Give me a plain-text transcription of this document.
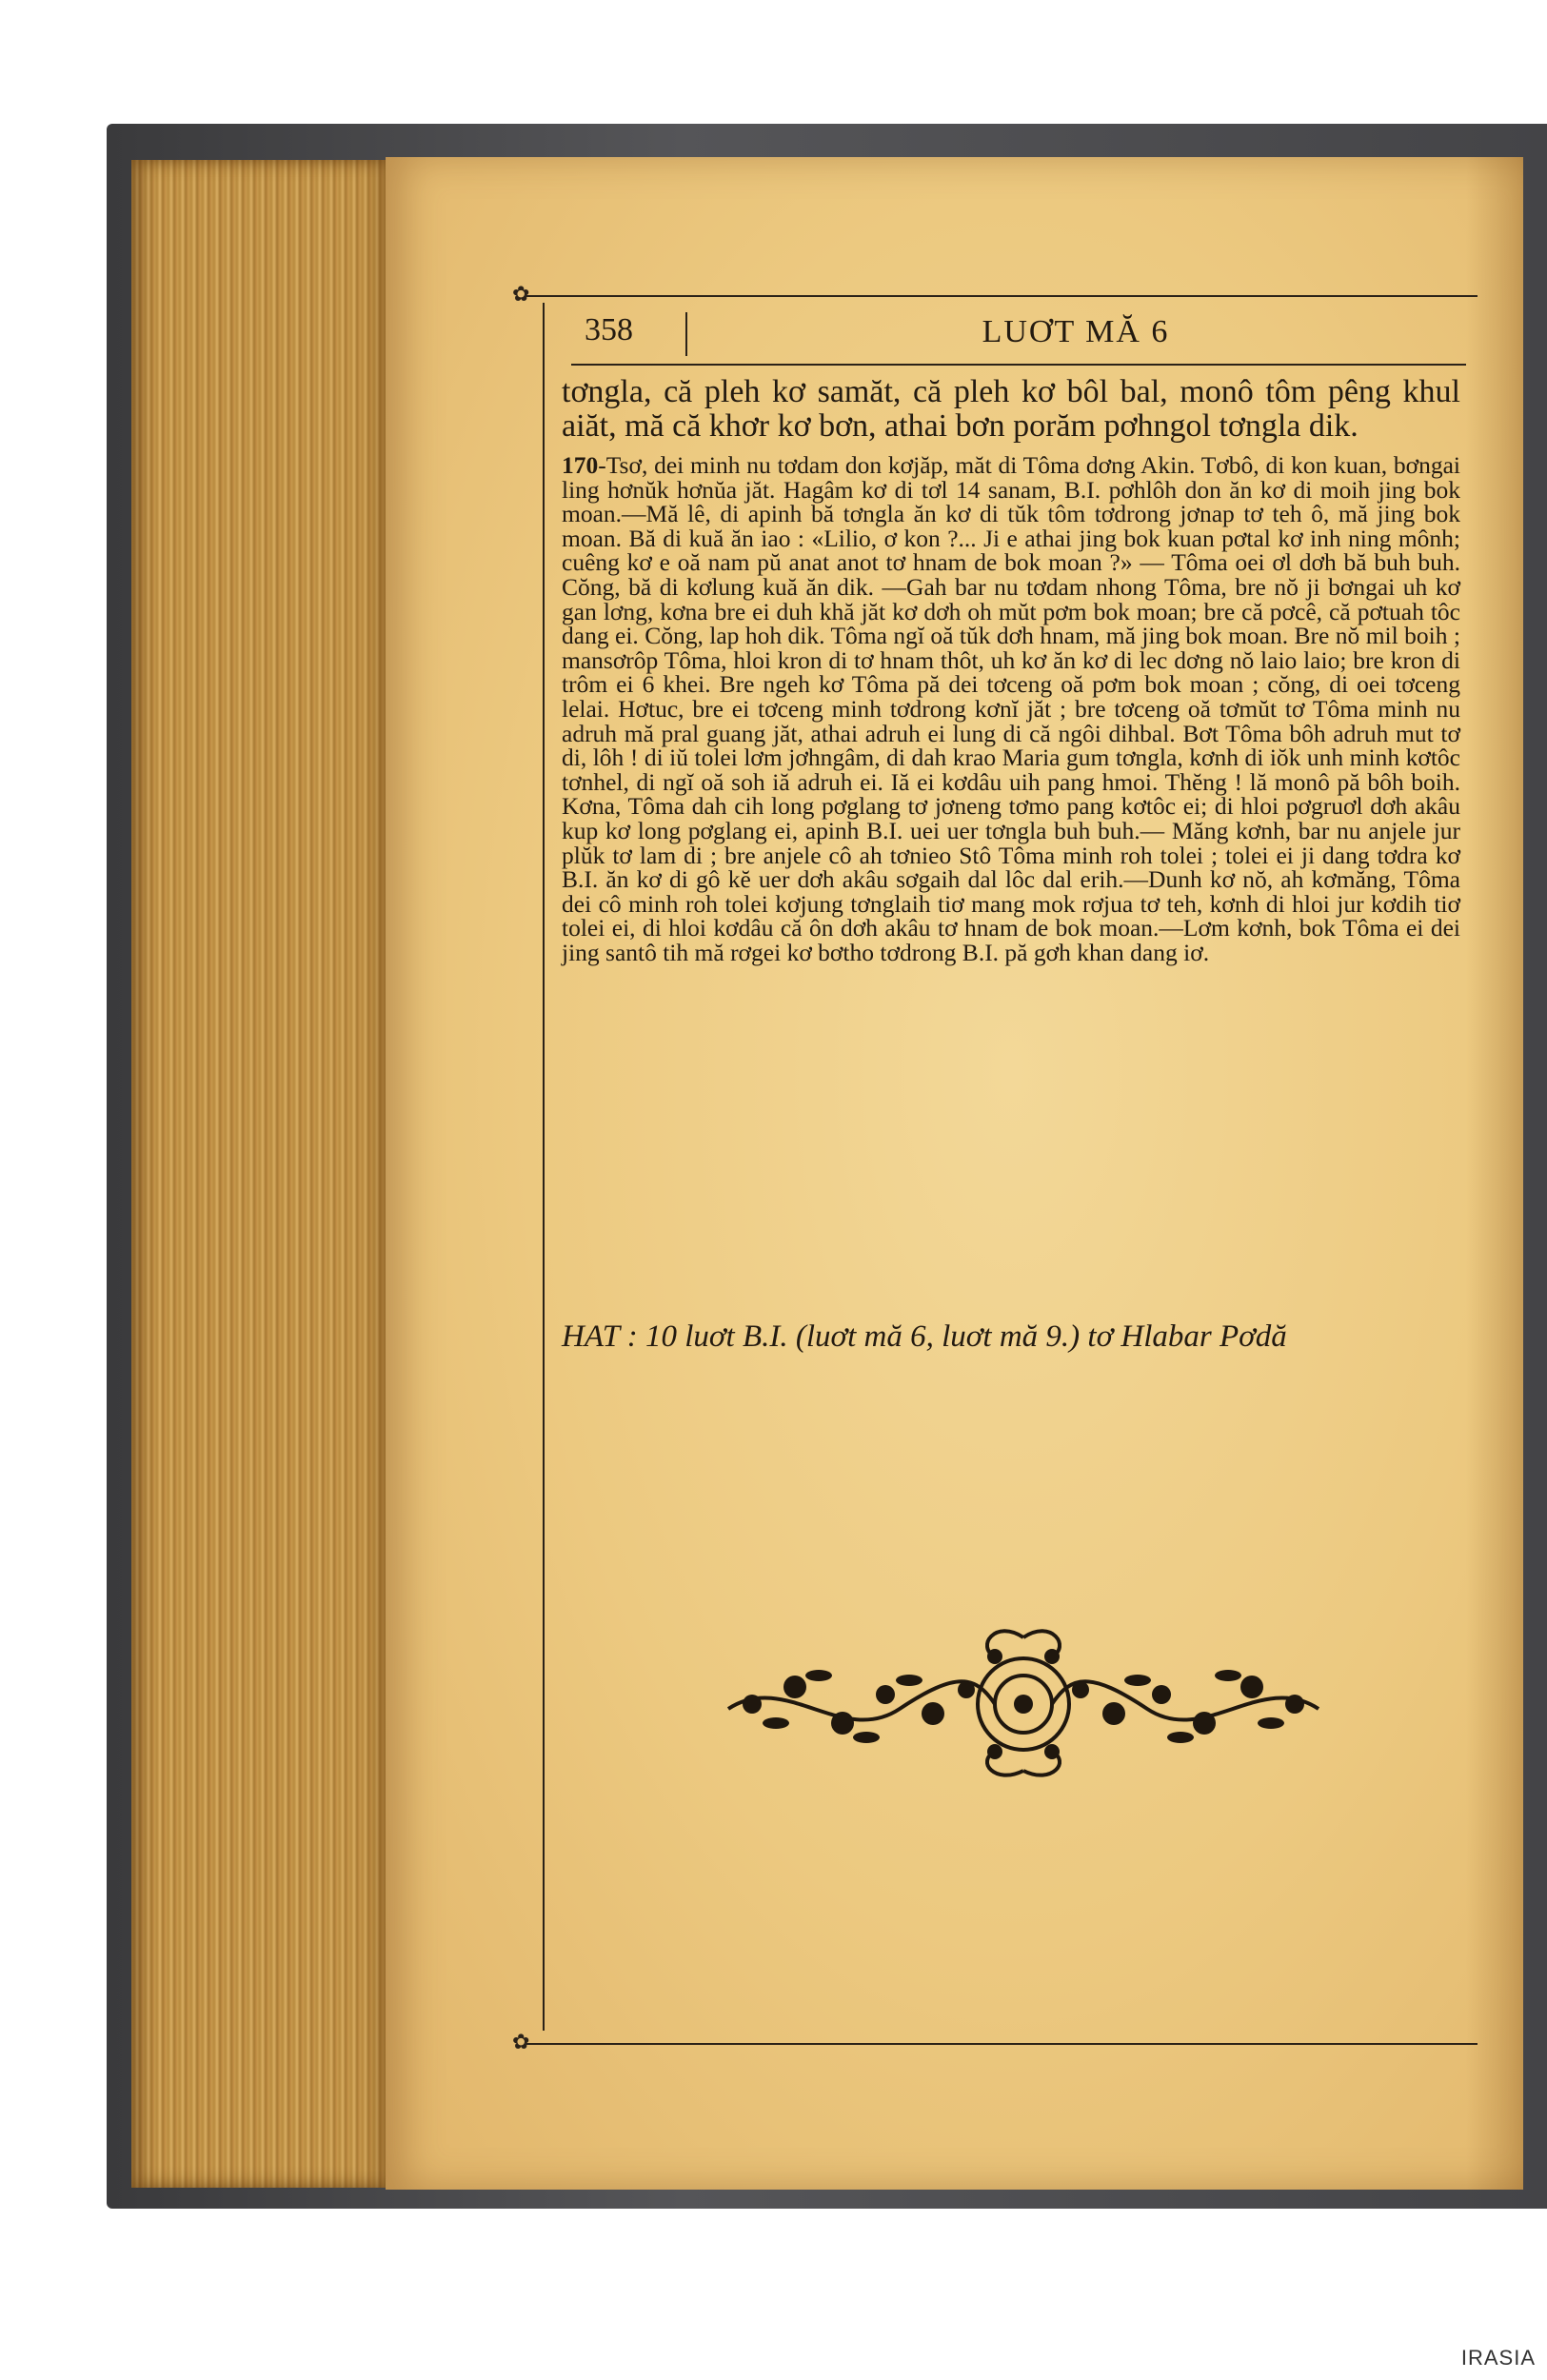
✿
✿
358	LUƠT MĂ 6

tơngla, că pleh kơ samăt, că pleh kơ bôl bal, monô tôm pêng khul aiăt, mă că khơr kơ bơn, athai bơn porăm pơhngol tơngla dik.

170-Tsơ, dei minh nu tơdam don kơjăp, măt di Tôma dơng Akin. Tơbô, di kon kuan, bơngai ling hơnŭk hơnŭa jăt. Hagâm kơ di tơl 14 sanam, B.I. pơhlôh don ăn kơ di moih jing bok moan.—Mă lê, di apinh bă tơngla ăn kơ di tŭk tôm tơdrong jơnap tơ teh ô, mă jing bok moan. Bă di kuă ăn iao : «Lilio, ơ kon ?... Ji e athai jing bok kuan pơtal kơ inh ning mônh; cuêng kơ e oă nam pŭ anat anot tơ hnam de bok moan ?» — Tôma oei ơl dơh bă buh buh. Cŏng, bă di kơlung kuă ăn dik. —Gah bar nu tơdam nhong Tôma, bre nŏ ji bơngai uh kơ gan lơng, kơna bre ei duh khă jăt kơ dơh oh mŭt pơm bok moan; bre că pơcê, că pơtuah tôc dang ei. Cŏng, lap hoh dik. Tôma ngĭ oă tŭk dơh hnam, mă jing bok moan. Bre nŏ mil boih ; mansơrôp Tôma, hloi kron di tơ hnam thôt, uh kơ ăn kơ di lec dơng nŏ laio laio; bre kron di trôm ei 6 khei. Bre ngeh kơ Tôma pă dei tơceng oă pơm bok moan ; cŏng, di oei tơceng lelai. Hơtuc, bre ei tơceng minh tơdrong kơnĭ jăt ; bre tơceng oă tơmŭt tơ Tôma minh nu adruh mă pral guang jăt, athai adruh ei lung di că ngôi dihbal. Bơt Tôma bôh adruh mut tơ di, lôh ! di iŭ tolei lơm jơhngâm, di dah krao Maria gum tơngla, kơnh di iŏk unh minh kơtôc tơnhel, di ngĭ oă soh iă adruh ei. Iă ei kơdâu uih pang hmoi. Thĕng ! lă monô pă bôh boih. Kơna, Tôma dah cih long pơglang tơ jơneng tơmo pang kơtôc ei; di hloi pơgruơl dơh akâu kup kơ long pơglang ei, apinh B.I. uei uer tơngla buh buh.— Măng kơnh, bar nu anjele jur plŭk tơ lam di ; bre anjele cô ah tơnieo Stô Tôma minh roh tolei ; tolei ei ji dang tơdra kơ B.I. ăn kơ di gô kĕ uer dơh akâu sơgaih dal lôc dal erih.—Dunh kơ nŏ, ah kơmăng, Tôma dei cô minh roh tolei kơjung tơnglaih tiơ mang mok rơjua tơ teh, kơnh di hloi jur kơdih tiơ tolei ei, di hloi kơdâu că ôn dơh akâu tơ hnam de bok moan.—Lơm kơnh, bok Tôma ei dei jing santô tih mă rơgei kơ bơtho tơdrong B.I. pă gơh khan dang iơ.

HAT : 10 luơt B.I. (luơt mă 6, luơt mă 9.) tơ Hlabar Pơdă
IRASIA
